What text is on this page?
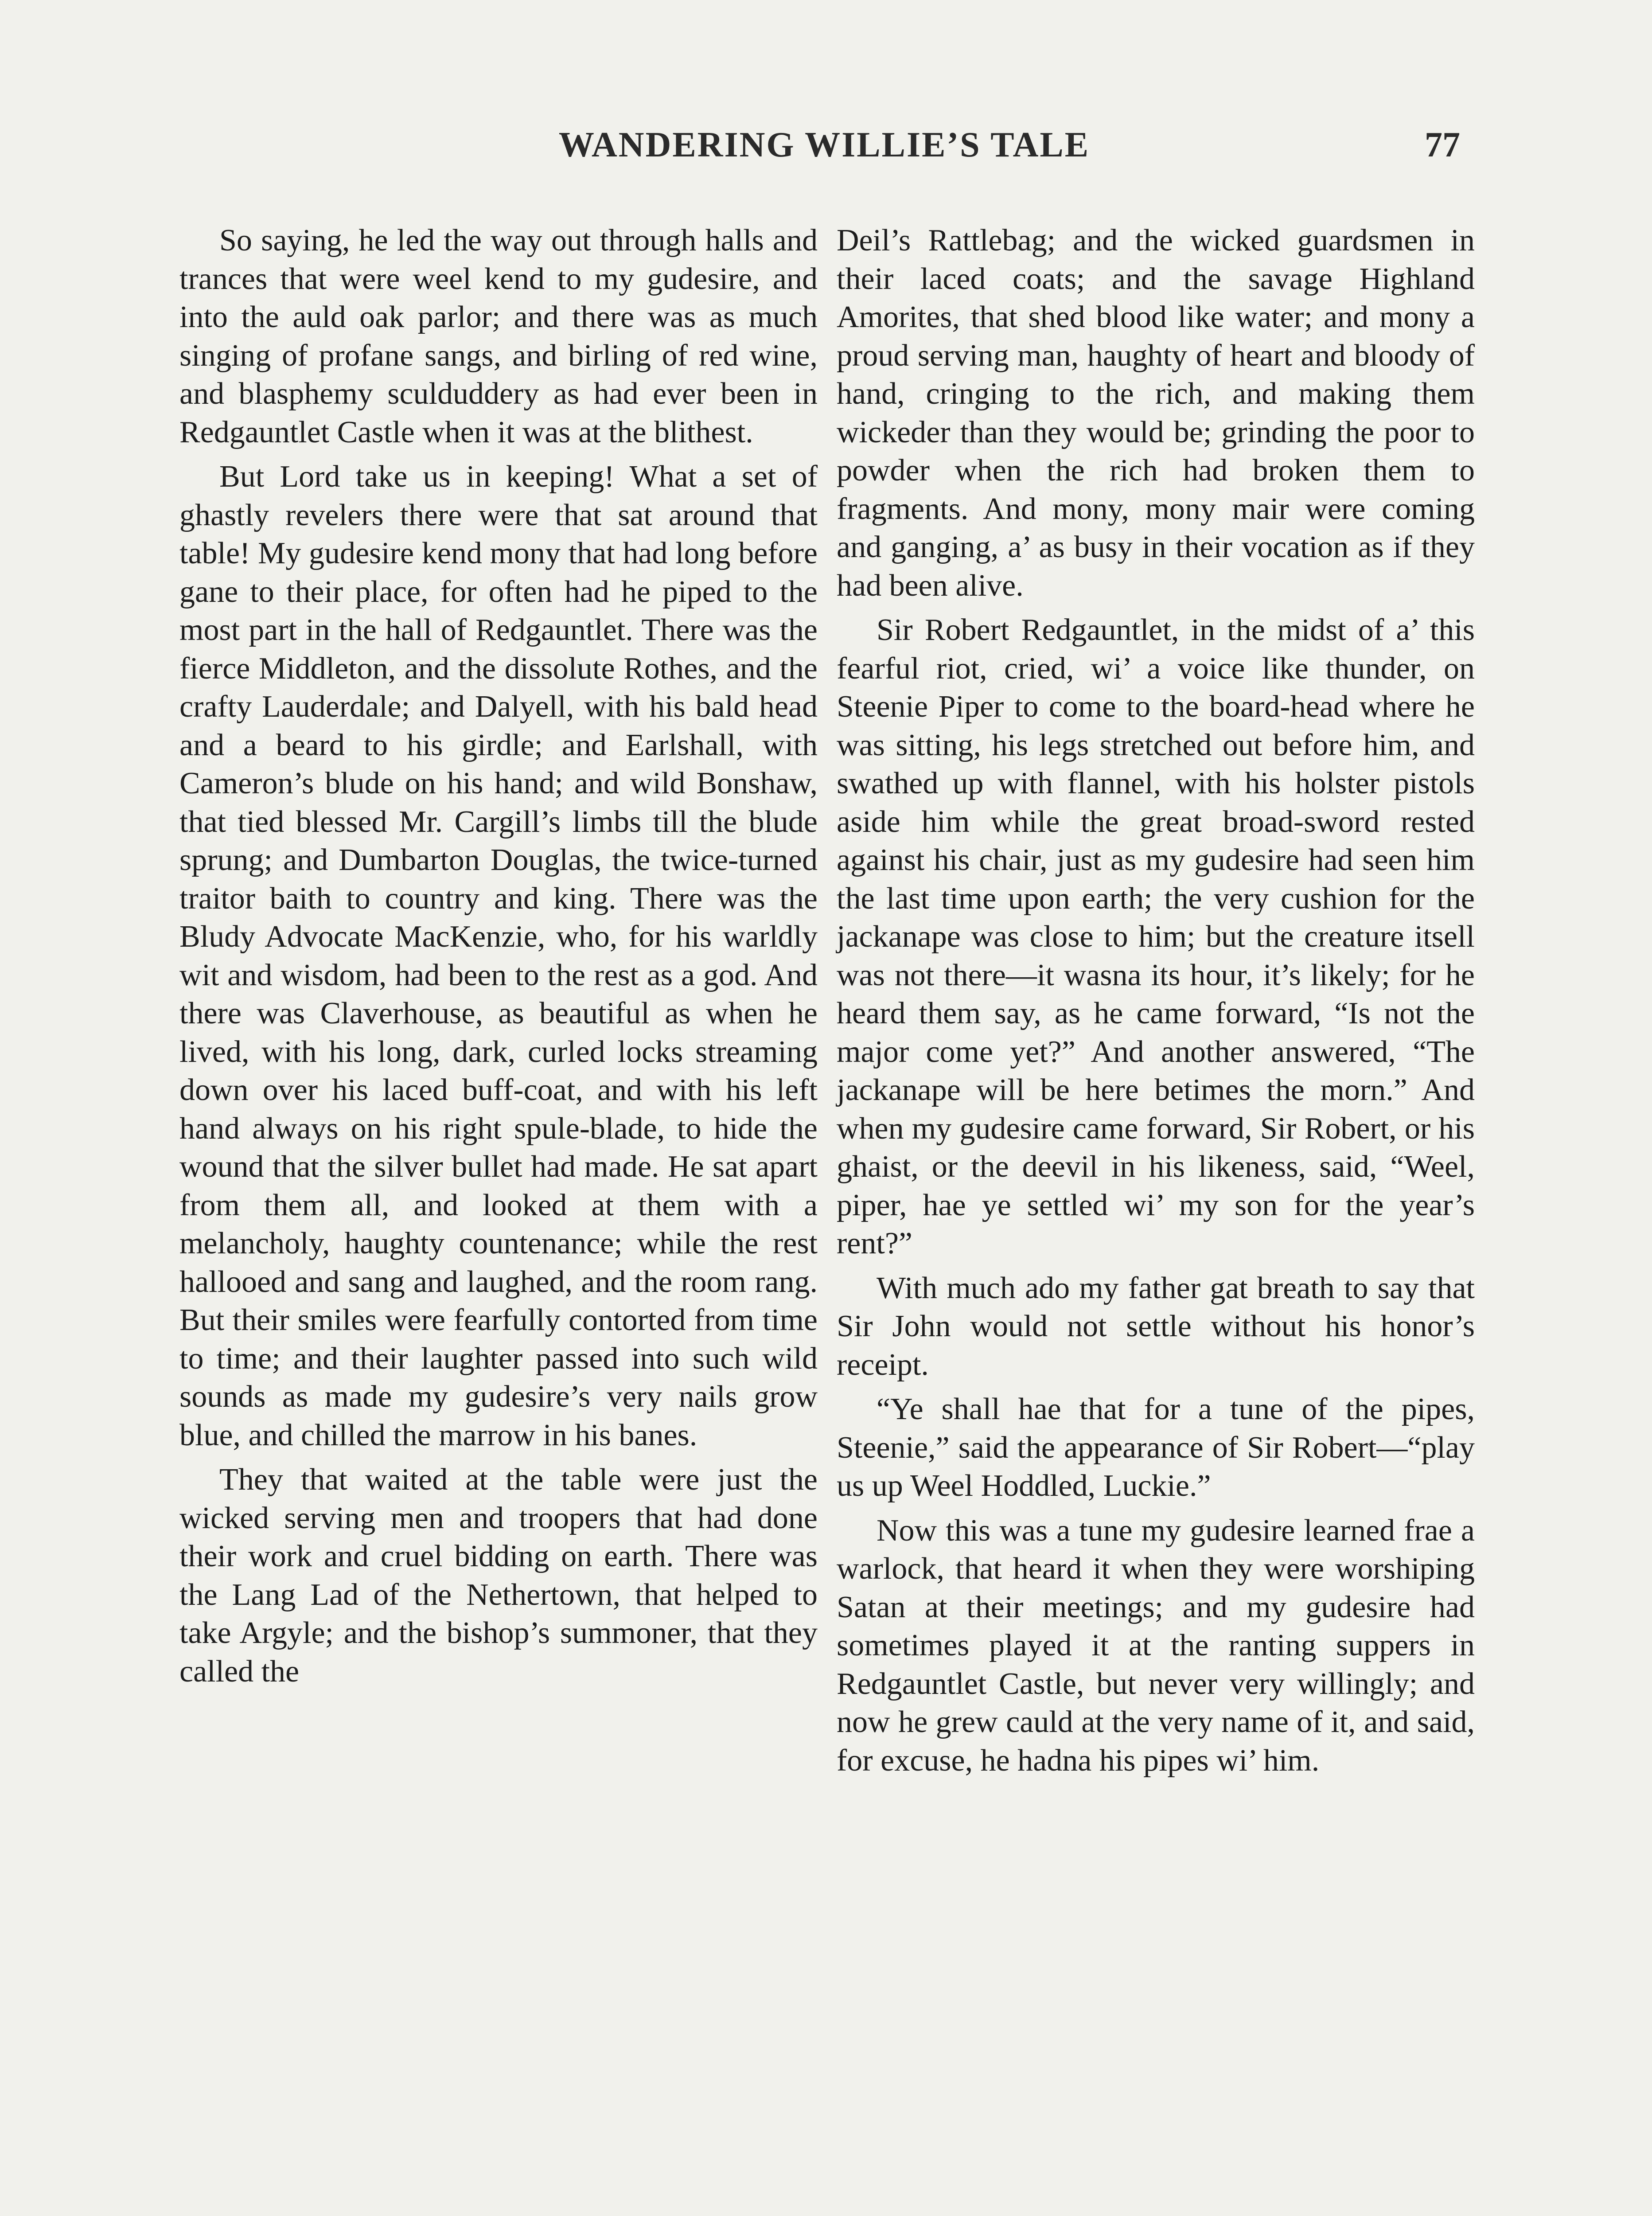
WANDERING WILLIE’S TALE	77

So saying, he led the way out through halls and trances that were weel kend to my gudesire, and into the auld oak parlor; and there was as much singing of profane sangs, and birling of red wine, and blasphemy sculduddery as had ever been in Redgauntlet Castle when it was at the blithest.

But Lord take us in keeping! What a set of ghastly revelers there were that sat around that table! My gudesire kend mony that had long before gane to their place, for often had he piped to the most part in the hall of Redgauntlet. There was the fierce Middleton, and the dissolute Rothes, and the crafty Lauderdale; and Dalyell, with his bald head and a beard to his girdle; and Earlshall, with Cameron’s blude on his hand; and wild Bonshaw, that tied blessed Mr. Cargill’s limbs till the blude sprung; and Dumbarton Douglas, the twice-turned traitor baith to country and king. There was the Bludy Advocate MacKenzie, who, for his warldly wit and wisdom, had been to the rest as a god. And there was Claverhouse, as beautiful as when he lived, with his long, dark, curled locks streaming down over his laced buff-coat, and with his left hand always on his right spule-blade, to hide the wound that the silver bullet had made. He sat apart from them all, and looked at them with a melancholy, haughty countenance; while the rest hallooed and sang and laughed, and the room rang. But their smiles were fearfully contorted from time to time; and their laughter passed into such wild sounds as made my gudesire’s very nails grow blue, and chilled the marrow in his banes.

They that waited at the table were just the wicked serving men and troopers that had done their work and cruel bidding on earth. There was the Lang Lad of the Nethertown, that helped to take Argyle; and the bishop’s summoner, that they called the

Deil’s Rattlebag; and the wicked guardsmen in their laced coats; and the savage Highland Amorites, that shed blood like water; and mony a proud serving man, haughty of heart and bloody of hand, cringing to the rich, and making them wickeder than they would be; grinding the poor to powder when the rich had broken them to fragments. And mony, mony mair were coming and ganging, a’ as busy in their vocation as if they had been alive.

Sir Robert Redgauntlet, in the midst of a’ this fearful riot, cried, wi’ a voice like thunder, on Steenie Piper to come to the board-head where he was sitting, his legs stretched out before him, and swathed up with flannel, with his holster pistols aside him while the great broad-sword rested against his chair, just as my gudesire had seen him the last time upon earth; the very cushion for the jackanape was close to him; but the creature itsell was not there—it wasna its hour, it’s likely; for he heard them say, as he came forward, “Is not the major come yet?” And another answered, “The jackanape will be here betimes the morn.” And when my gudesire came forward, Sir Robert, or his ghaist, or the deevil in his likeness, said, “Weel, piper, hae ye settled wi’ my son for the year’s rent?”

With much ado my father gat breath to say that Sir John would not settle without his honor’s receipt.

“Ye shall hae that for a tune of the pipes, Steenie,” said the appearance of Sir Robert—“play us up Weel Hoddled, Luckie.”

Now this was a tune my gudesire learned frae a warlock, that heard it when they were worshiping Satan at their meetings; and my gudesire had sometimes played it at the ranting suppers in Redgauntlet Castle, but never very willingly; and now he grew cauld at the very name of it, and said, for excuse, he hadna his pipes wi’ him.
